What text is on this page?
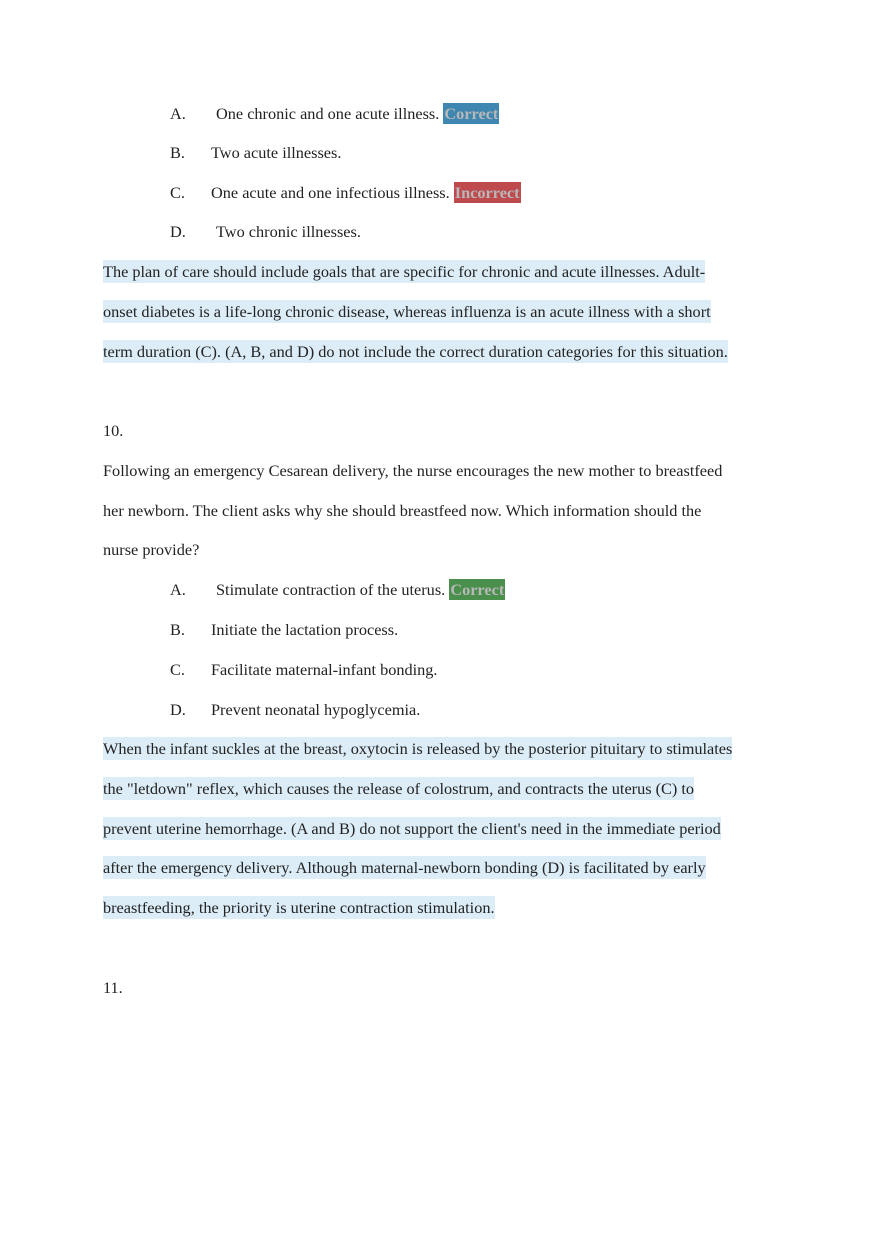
A. One chronic and one acute illness. Correct
B. Two acute illnesses.
C. One acute and one infectious illness. Incorrect
D. Two chronic illnesses.
The plan of care should include goals that are specific for chronic and acute illnesses. Adult-
onset diabetes is a life-long chronic disease, whereas influenza is an acute illness with a short
term duration (C). (A, B, and D) do not include the correct duration categories for this situation.
10.
Following an emergency Cesarean delivery, the nurse encourages the new mother to breastfeed
her newborn. The client asks why she should breastfeed now. Which information should the
nurse provide?
A. Stimulate contraction of the uterus. Correct
B. Initiate the lactation process.
C. Facilitate maternal-infant bonding.
D. Prevent neonatal hypoglycemia.
When the infant suckles at the breast, oxytocin is released by the posterior pituitary to stimulates
the "letdown" reflex, which causes the release of colostrum, and contracts the uterus (C) to
prevent uterine hemorrhage. (A and B) do not support the client's need in the immediate period
after the emergency delivery. Although maternal-newborn bonding (D) is facilitated by early
breastfeeding, the priority is uterine contraction stimulation.
11.
